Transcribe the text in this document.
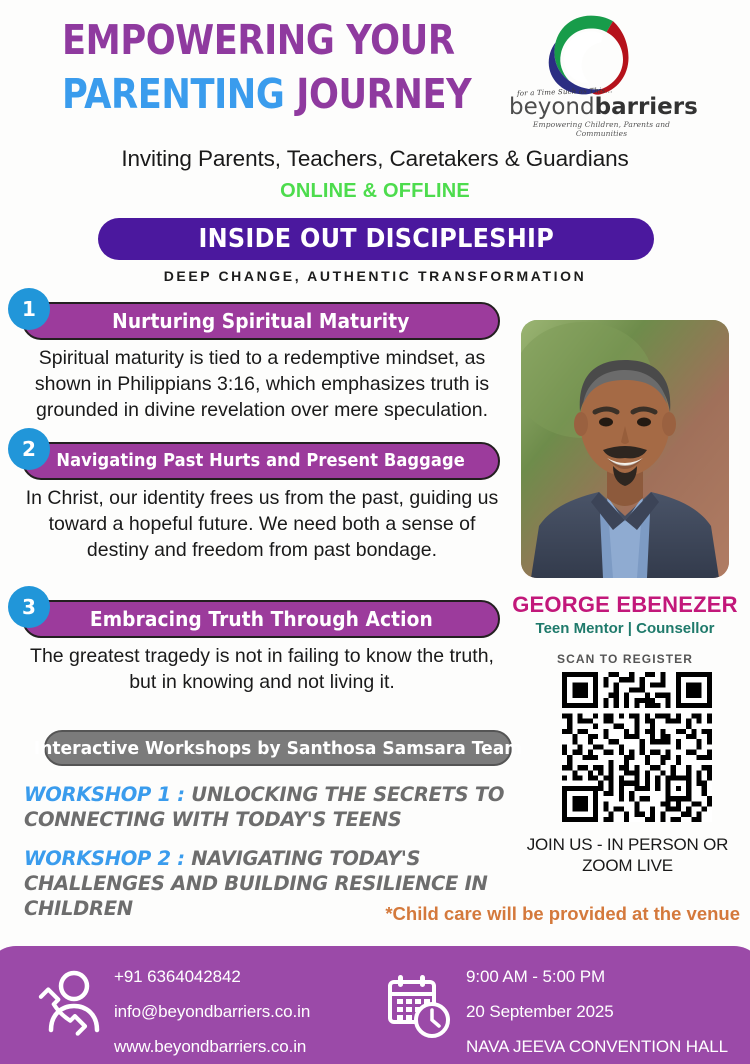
EMPOWERING YOUR
PARENTING JOURNEY	for a Time Such as This...
beyondbarriers
Empowering Children, Parents and Communities
Inviting Parents, Teachers, Caretakers & Guardians
ONLINE & OFFLINE
INSIDE OUT DISCIPLESHIP
DEEP CHANGE, AUTHENTIC TRANSFORMATION
1	Nurturing Spiritual Maturity
Spiritual maturity is tied to a redemptive mindset, as shown in Philippians 3:16, which emphasizes truth is grounded in divine revelation over mere speculation.
2	Navigating Past Hurts and Present Baggage
In Christ, our identity frees us from the past, guiding us toward a hopeful future. We need both a sense of destiny and freedom from past bondage.
3	Embracing Truth Through Action
The greatest tragedy is not in failing to know the truth, but in knowing and not living it.
Interactive Workshops by Santhosa Samsara Team
WORKSHOP 1 : UNLOCKING THE SECRETS TO CONNECTING WITH TODAY'S TEENS
WORKSHOP 2 : NAVIGATING TODAY'S CHALLENGES AND BUILDING RESILIENCE IN CHILDREN	*Child care will be provided at the venue
GEORGE EBENEZER
Teen Mentor | Counsellor
SCAN TO REGISTER
JOIN US - IN PERSON OR ZOOM LIVE
+91 6364042842
info@beyondbarriers.co.in
www.beyondbarriers.co.in
9:00 AM - 5:00 PM
20 September 2025
NAVA JEEVA CONVENTION HALL
